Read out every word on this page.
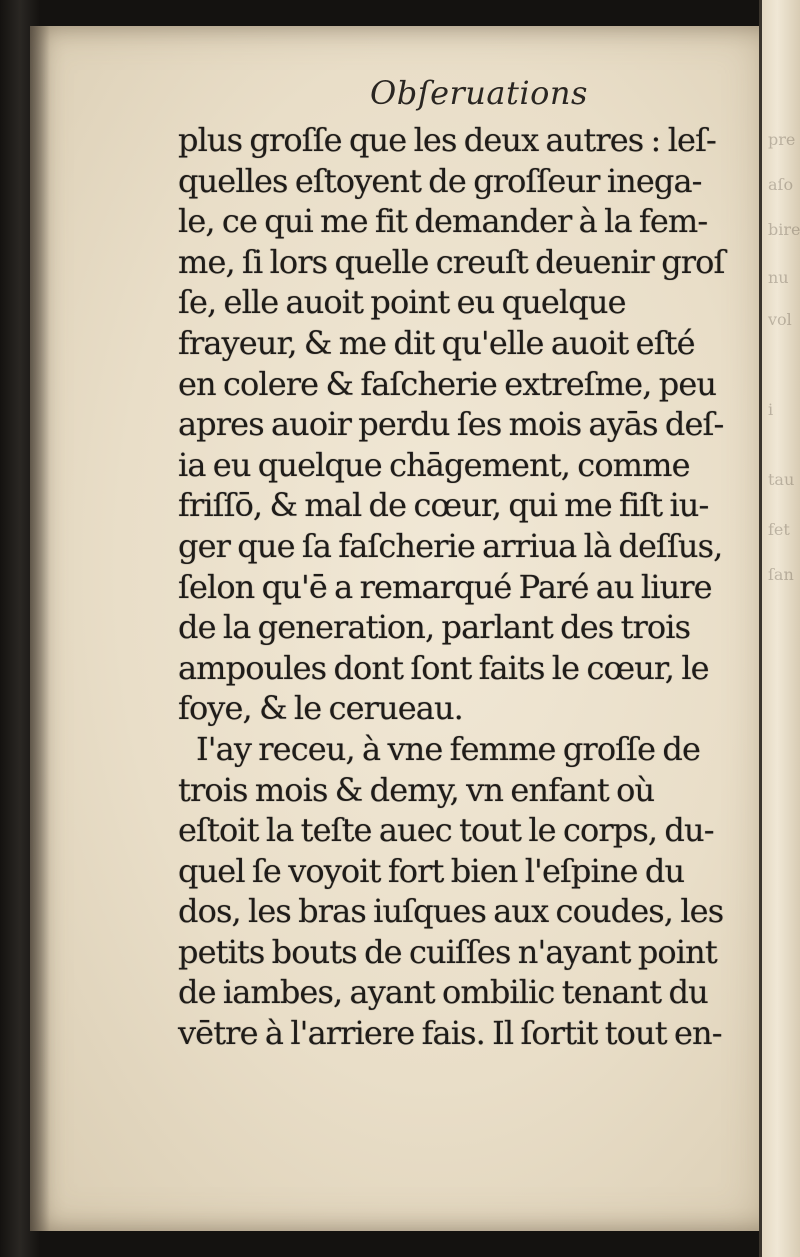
pre
aſo
bire
nu
vol
i
tau
fet
ſan
Obſeruations
plus groſſe que les deux autres : leſ-
quelles eſtoyent de groſſeur inega-
le, ce qui me fit demander à la fem-
me, ſi lors quelle creuſt deuenir groſ
ſe, elle auoit point eu quelque
frayeur, & me dit qu'elle auoit eſté
en colere & faſcherie extreſme, peu
apres auoir perdu ſes mois ayās deſ-
ia eu quelque chāgement, comme
friſſō, & mal de cœur, qui me fiſt iu-
ger que ſa faſcherie arriua là deſſus,
ſelon qu'ē a remarqué Paré au liure
de la generation, parlant des trois
ampoules dont ſont faits le cœur, le
foye, & le cerueau.
I'ay receu, à vne femme groſſe de
trois mois & demy, vn enfant où
eſtoit la teſte auec tout le corps, du-
quel ſe voyoit fort bien l'eſpine du
dos, les bras iuſques aux coudes, les
petits bouts de cuiſſes n'ayant point
de iambes, ayant ombilic tenant du
vētre à l'arriere fais. Il ſortit tout en-
